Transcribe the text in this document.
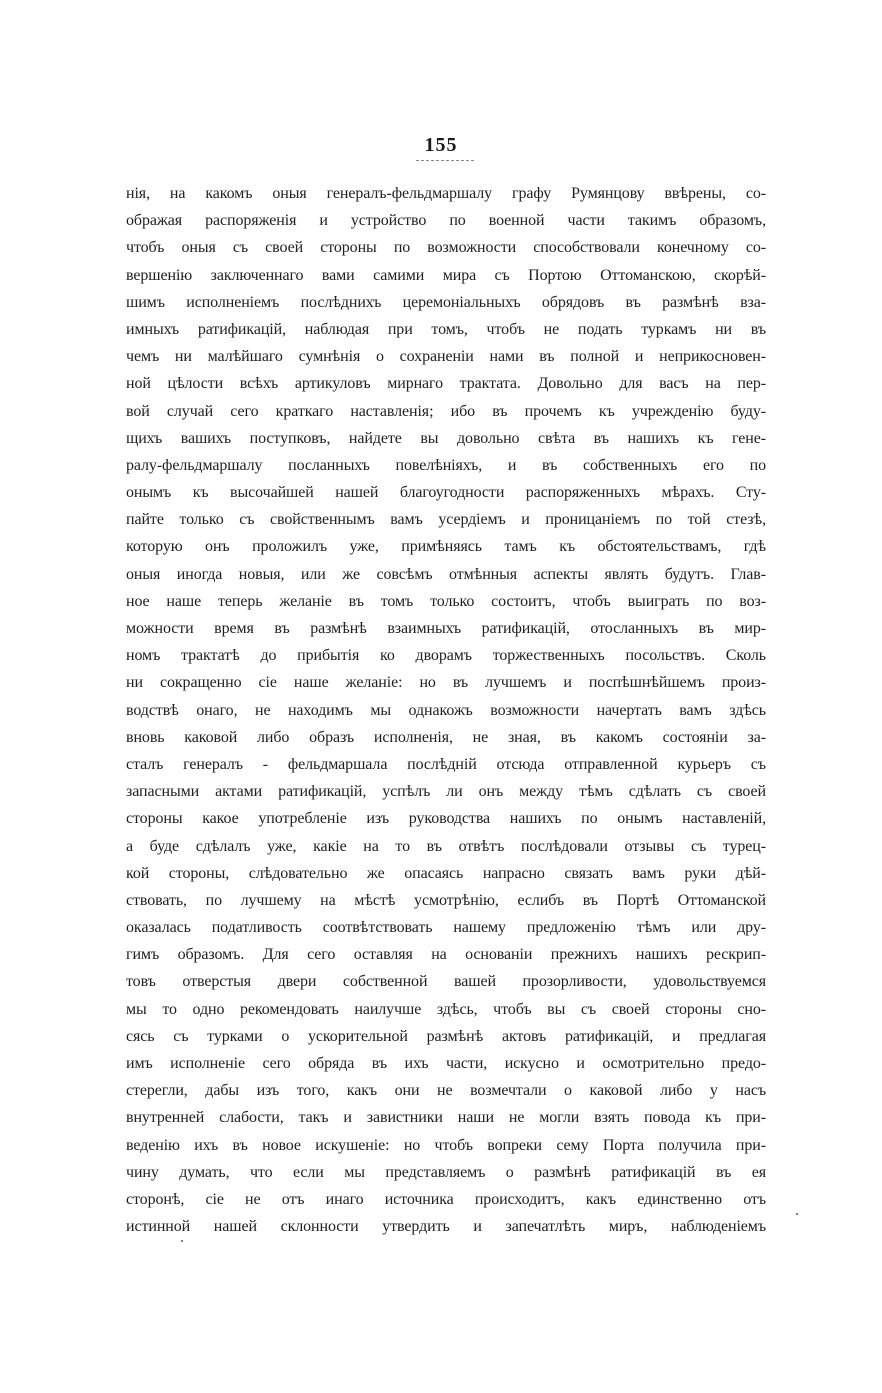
155
нія, на какомъ оныя генералъ-фельдмаршалу графу Румянцову ввѣрены, со-
ображая распоряженія и устройство по военной части такимъ образомъ,
чтобъ оныя съ своей стороны по возможности способствовали конечному со-
вершенію заключеннаго вами самими мира съ Портою Оттоманскою, скорѣй-
шимъ исполненіемъ послѣднихъ церемоніальныхъ обрядовъ въ размѣнѣ вза-
имныхъ ратификацій, наблюдая при томъ, чтобъ не подать туркамъ ни въ
чемъ ни малѣйшаго сумнѣнія о сохраненіи нами въ полной и неприкосновен-
ной цѣлости всѣхъ артикуловъ мирнаго трактата. Довольно для васъ на пер-
вой случай сего краткаго наставленія; ибо въ прочемъ къ учрежденію буду-
щихъ вашихъ поступковъ, найдете вы довольно свѣта въ нашихъ къ гене-
ралу-фельдмаршалу посланныхъ повелѣніяхъ, и въ собственныхъ его по
онымъ къ высочайшей нашей благоугодности распоряженныхъ мѣрахъ. Сту-
пайте только съ свойственнымъ вамъ усердіемъ и проницаніемъ по той стезѣ,
которую онъ проложилъ уже, примѣняясь тамъ къ обстоятельствамъ, гдѣ
оныя иногда новыя, или же совсѣмъ отмѣнныя аспекты являть будутъ. Глав-
ное наше теперь желаніе въ томъ только состоитъ, чтобъ выиграть по воз-
можности время въ размѣнѣ взаимныхъ ратификацій, отосланныхъ въ мир-
номъ трактатѣ до прибытія ко дворамъ торжественныхъ посольствъ. Сколь
ни сокращенно сіе наше желаніе: но въ лучшемъ и поспѣшнѣйшемъ произ-
водствѣ онаго, не находимъ мы однакожъ возможности начертать вамъ здѣсь
вновь каковой либо образъ исполненія, не зная, въ какомъ состояніи за-
сталъ генералъ - фельдмаршала послѣдній отсюда отправленной курьеръ съ
запасными актами ратификацій, успѣлъ ли онъ между тѣмъ сдѣлать съ своей
стороны какое употребленіе изъ руководства нашихъ по онымъ наставленій,
а буде сдѣлалъ уже, какіе на то въ отвѣтъ послѣдовали отзывы съ турец-
кой стороны, слѣдовательно же опасаясь напрасно связать вамъ руки дѣй-
ствовать, по лучшему на мѣстѣ усмотрѣнію, еслибъ въ Портѣ Оттоманской
оказалась податливость соотвѣтствовать нашему предложенію тѣмъ или дру-
гимъ образомъ. Для сего оставляя на основаніи прежнихъ нашихъ рескрип-
товъ отверстыя двери собственной вашей прозорливости, удовольствуемся
мы то одно рекомендовать наилучше здѣсь, чтобъ вы съ своей стороны сно-
сясь съ турками о ускорительной размѣнѣ актовъ ратификацій, и предлагая
имъ исполненіе сего обряда въ ихъ части, искусно и осмотрительно предо-
стерегли, дабы изъ того, какъ они не возмечтали о каковой либо у насъ
внутренней слабости, такъ и завистники наши не могли взять повода къ при-
веденію ихъ въ новое искушеніе: но чтобъ вопреки сему Порта получила при-
чину думать, что если мы представляемъ о размѣнѣ ратификацій въ ея
сторонѣ, сіе не отъ инаго источника происходитъ, какъ единственно отъ
истинной нашей склонности утвердить и запечатлѣть миръ, наблюденіемъ
